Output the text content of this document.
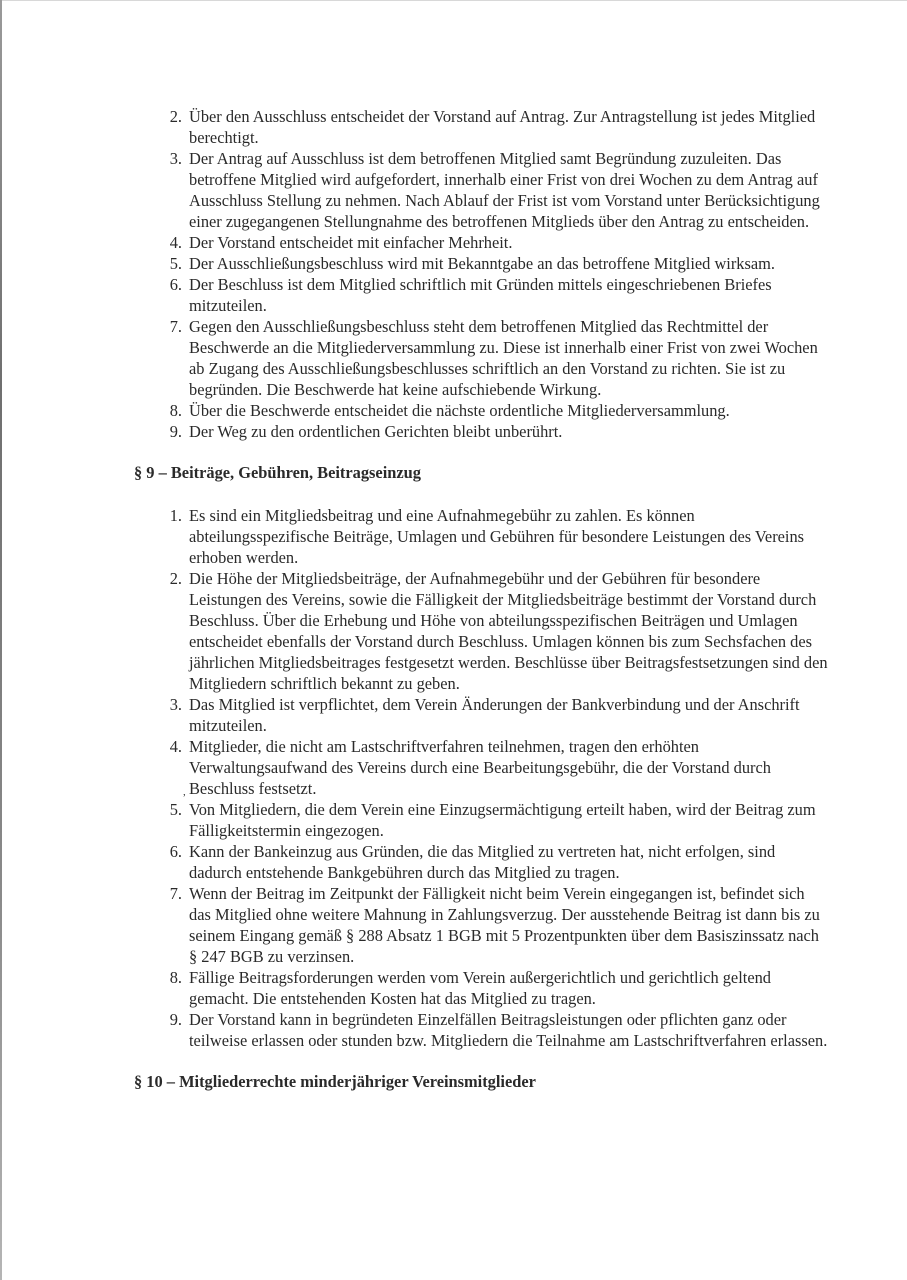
2. Über den Ausschluss entscheidet der Vorstand auf Antrag. Zur Antragstellung ist jedes Mitglied berechtigt.
3. Der Antrag auf Ausschluss ist dem betroffenen Mitglied samt Begründung zuzuleiten. Das betroffene Mitglied wird aufgefordert, innerhalb einer Frist von drei Wochen zu dem Antrag auf Ausschluss Stellung zu nehmen. Nach Ablauf der Frist ist vom Vorstand unter Berücksichtigung einer zugegangenen Stellungnahme des betroffenen Mitglieds über den Antrag zu entscheiden.
4. Der Vorstand entscheidet mit einfacher Mehrheit.
5. Der Ausschließungsbeschluss wird mit Bekanntgabe an das betroffene Mitglied wirksam.
6. Der Beschluss ist dem Mitglied schriftlich mit Gründen mittels eingeschriebenen Briefes mitzuteilen.
7. Gegen den Ausschließungsbeschluss steht dem betroffenen Mitglied das Rechtmittel der Beschwerde an die Mitgliederversammlung zu. Diese ist innerhalb einer Frist von zwei Wochen ab Zugang des Ausschließungsbeschlusses schriftlich an den Vorstand zu richten. Sie ist zu begründen. Die Beschwerde hat keine aufschiebende Wirkung.
8. Über die Beschwerde entscheidet die nächste ordentliche Mitgliederversammlung.
9. Der Weg zu den ordentlichen Gerichten bleibt unberührt.
§ 9 – Beiträge, Gebühren, Beitragseinzug
1. Es sind ein Mitgliedsbeitrag und eine Aufnahmegebühr zu zahlen. Es können abteilungsspezifische Beiträge, Umlagen und Gebühren für besondere Leistungen des Vereins erhoben werden.
2. Die Höhe der Mitgliedsbeiträge, der Aufnahmegebühr und der Gebühren für besondere Leistungen des Vereins, sowie die Fälligkeit der Mitgliedsbeiträge bestimmt der Vorstand durch Beschluss. Über die Erhebung und Höhe von abteilungsspezifischen Beiträgen und Umlagen entscheidet ebenfalls der Vorstand durch Beschluss. Umlagen können bis zum Sechsfachen des jährlichen Mitgliedsbeitrages festgesetzt werden. Beschlüsse über Beitragsfestsetzungen sind den Mitgliedern schriftlich bekannt zu geben.
3. Das Mitglied ist verpflichtet, dem Verein Änderungen der Bankverbindung und der Anschrift mitzuteilen.
4. Mitglieder, die nicht am Lastschriftverfahren teilnehmen, tragen den erhöhten Verwaltungsaufwand des Vereins durch eine Bearbeitungsgebühr, die der Vorstand durch Beschluss festsetzt.
5. Von Mitgliedern, die dem Verein eine Einzugsermächtigung erteilt haben, wird der Beitrag zum Fälligkeitstermin eingezogen.
6. Kann der Bankeinzug aus Gründen, die das Mitglied zu vertreten hat, nicht erfolgen, sind dadurch entstehende Bankgebühren durch das Mitglied zu tragen.
7. Wenn der Beitrag im Zeitpunkt der Fälligkeit nicht beim Verein eingegangen ist, befindet sich das Mitglied ohne weitere Mahnung in Zahlungsverzug. Der ausstehende Beitrag ist dann bis zu seinem Eingang gemäß § 288 Absatz 1 BGB mit 5 Prozentpunkten über dem Basiszinssatz nach § 247 BGB zu verzinsen.
8. Fällige Beitragsforderungen werden vom Verein außergerichtlich und gerichtlich geltend gemacht. Die entstehenden Kosten hat das Mitglied zu tragen.
9. Der Vorstand kann in begründeten Einzelfällen Beitragsleistungen oder pflichten ganz oder teilweise erlassen oder stunden bzw. Mitgliedern die Teilnahme am Lastschriftverfahren erlassen.
§ 10 – Mitgliederrechte minderjähriger Vereinsmitglieder
,
